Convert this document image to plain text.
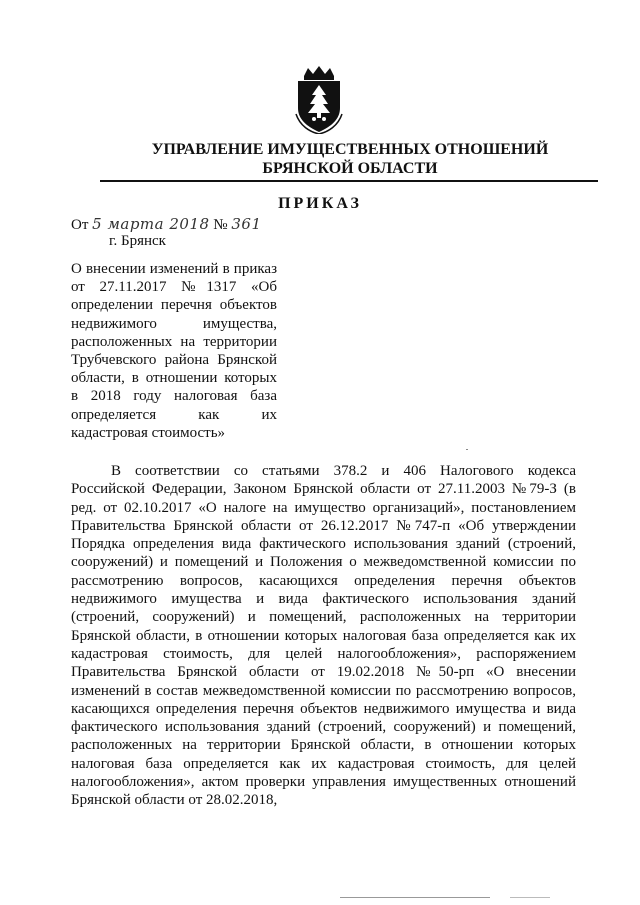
УПРАВЛЕНИЕ ИМУЩЕСТВЕННЫХ ОТНОШЕНИЙ
БРЯНСКОЙ ОБЛАСТИ
ПРИКАЗ
От 5 марта 2018 № 361
г. Брянск
О внесении изменений в приказ
от 27.11.2017 №1317 «Об
определении перечня объектов
недвижимого имущества,
расположенных на территории
Трубчевского района Брянской
области, в отношении которых
в 2018 году налоговая база
определяется как их
кадастровая стоимость»
В соответствии со статьями 378.2 и 406 Налогового кодекса
Российской Федерации, Законом Брянской области от 27.11.2003 №79-З (в
ред. от 02.10.2017 «О налоге на имущество организаций», постановлением
Правительства Брянской области от 26.12.2017 №747-п «Об утверждении
Порядка определения вида фактического использования зданий (строений,
сооружений) и помещений и Положения о межведомственной комиссии по
рассмотрению вопросов, касающихся определения перечня объектов
недвижимого имущества и вида фактического использования зданий
(строений, сооружений) и помещений, расположенных на территории
Брянской области, в отношении которых налоговая база определяется как их
кадастровая стоимость, для целей налогообложения», распоряжением
Правительства Брянской области от 19.02.2018 №50-рп «О внесении
изменений в состав межведомственной комиссии по рассмотрению вопросов,
касающихся определения перечня объектов недвижимого имущества и вида
фактического использования зданий (строений, сооружений) и помещений,
расположенных на территории Брянской области, в отношении которых
налоговая база определяется как их кадастровая стоимость, для целей
налогообложения», актом проверки управления имущественных отношений
Брянской области от 28.02.2018,
